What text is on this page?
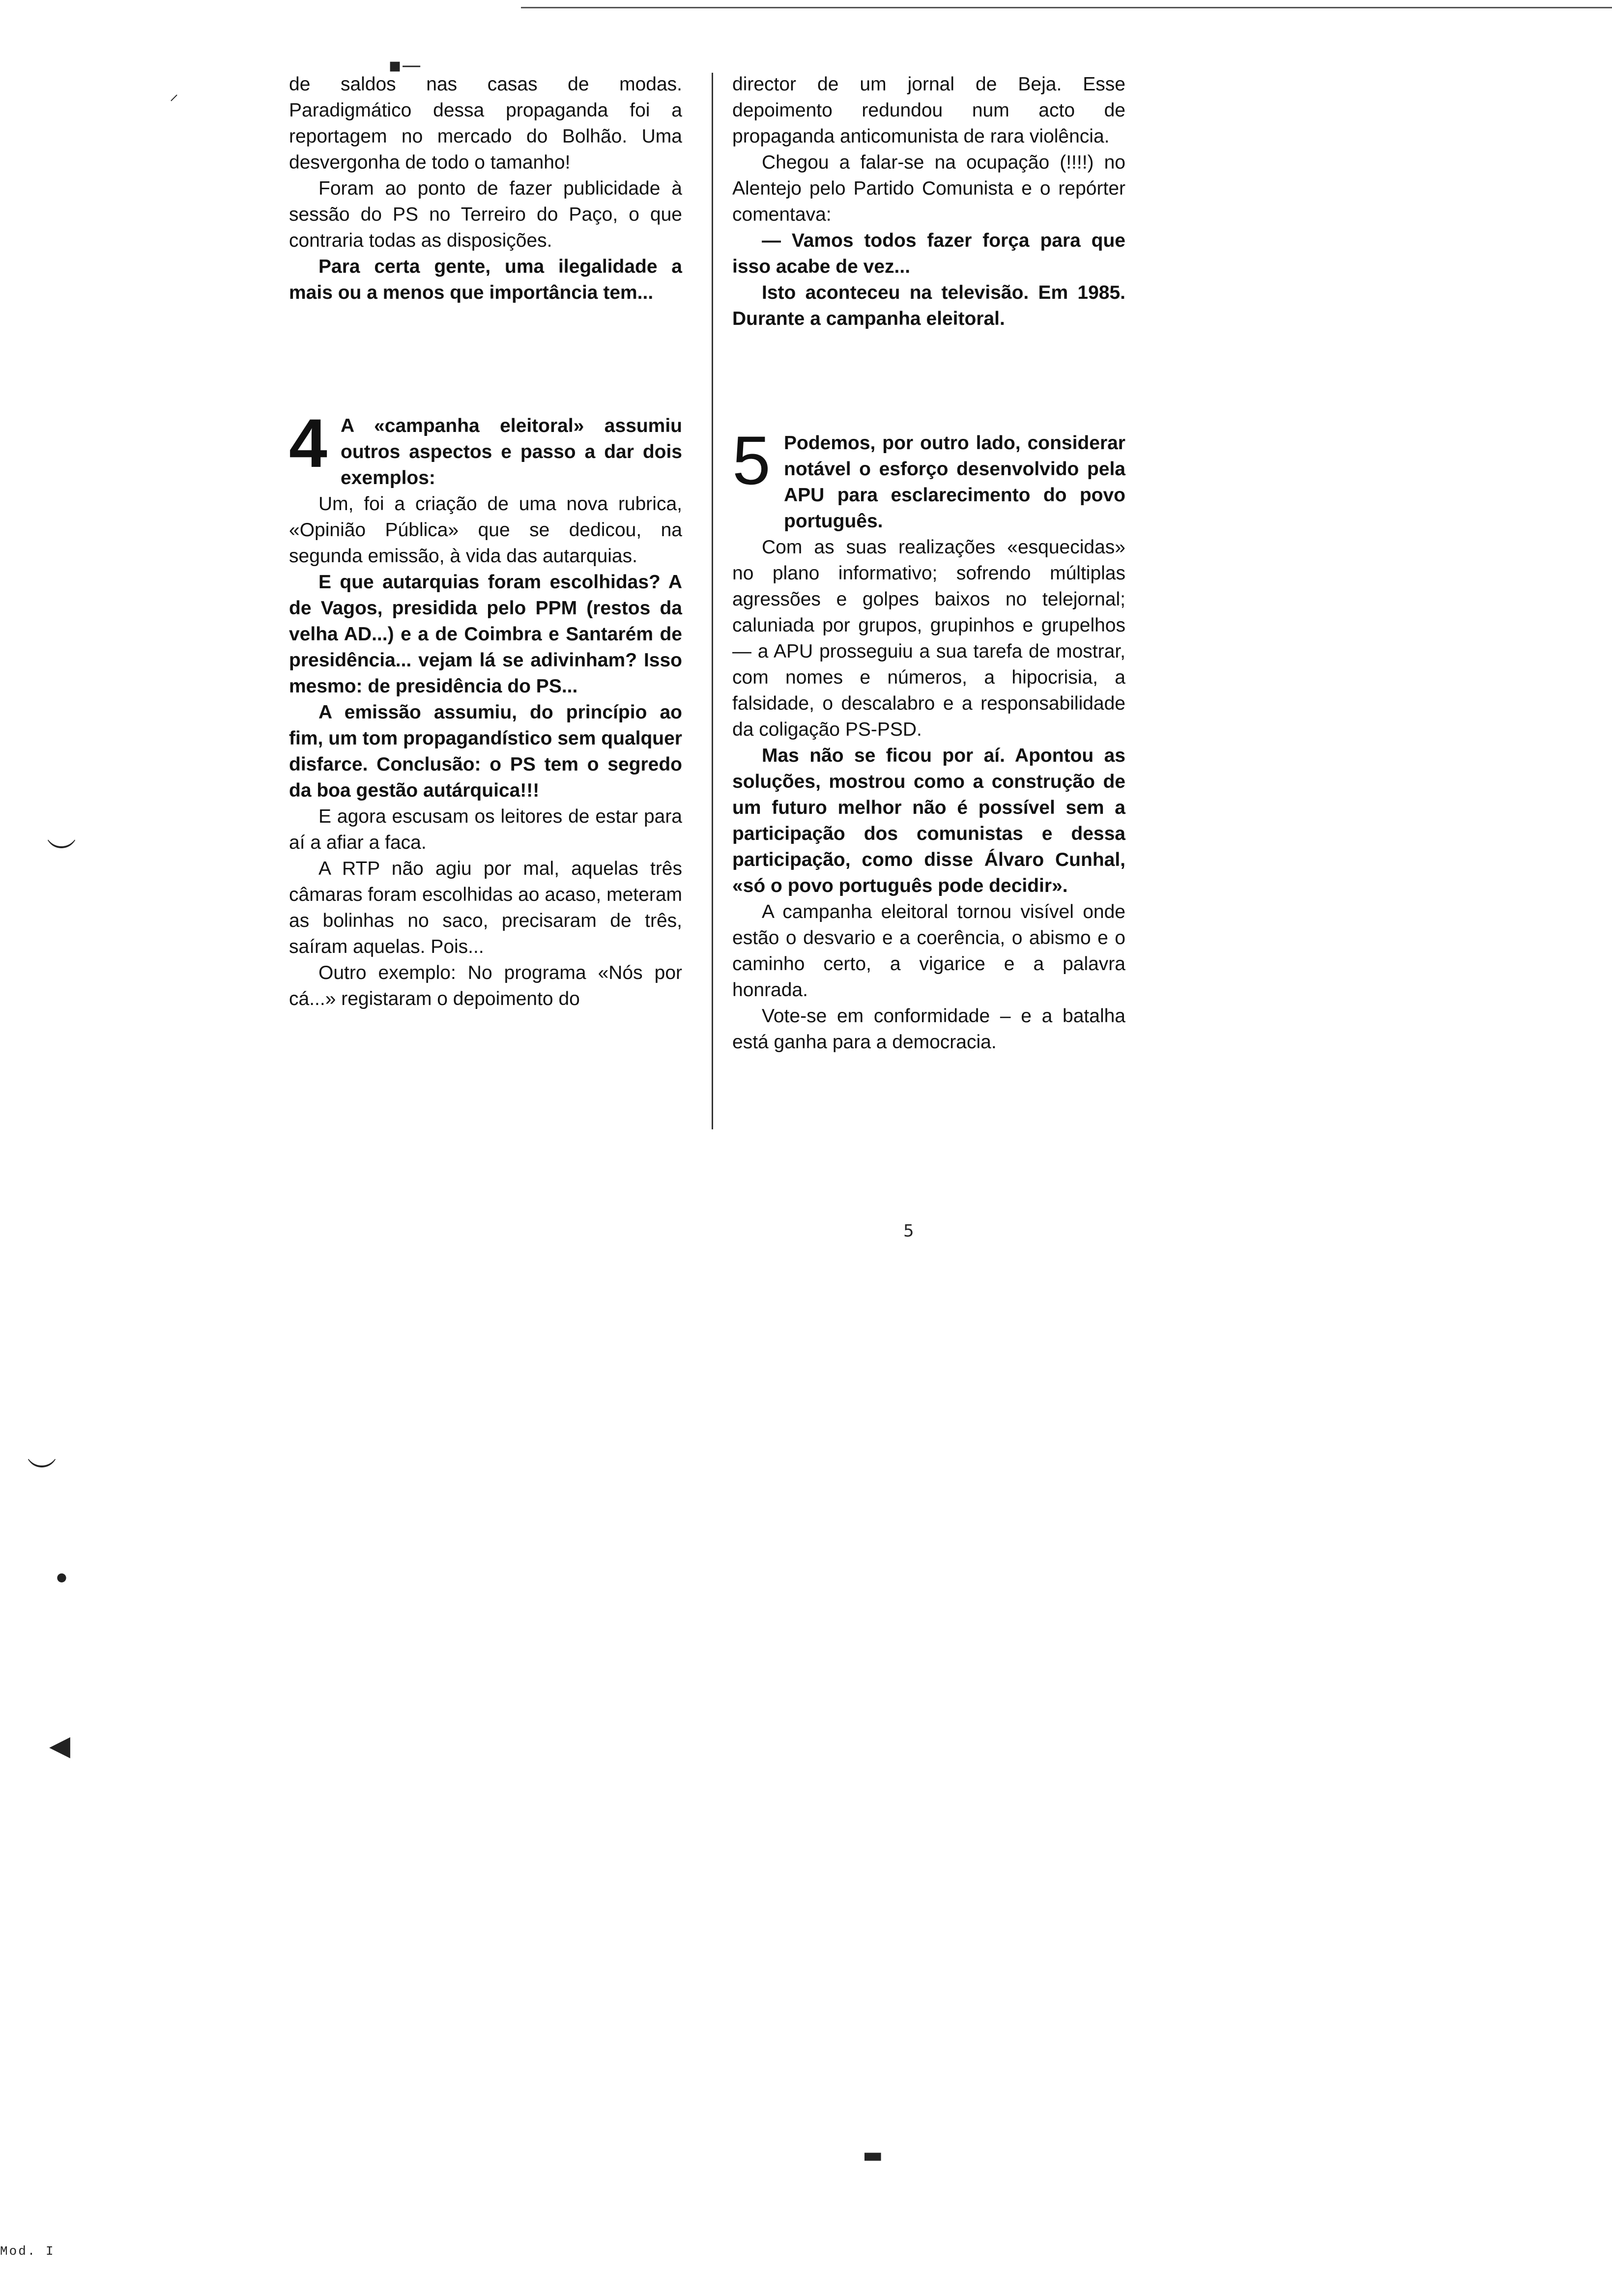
▪—
⸝
︶
︶
●
◀
▬
5

de saldos nas casas de modas. Paradigmático dessa propaganda foi a reportagem no mercado do Bolhão. Uma desvergonha de todo o tamanho!

Foram ao ponto de fazer publicidade à sessão do PS no Terreiro do Paço, o que contraria todas as disposições.

Para certa gente, uma ilegalidade a mais ou a menos que importância tem...

director de um jornal de Beja. Esse depoimento redundou num acto de propaganda anticomunista de rara violência.

Chegou a falar-se na ocupação (!!!!) no Alentejo pelo Partido Comunista e o repórter comentava:

— Vamos todos fazer força para que isso acabe de vez...

Isto aconteceu na televisão. Em 1985. Durante a campanha eleitoral.

4 A «campanha eleitoral» assumiu outros aspectos e passo a dar dois exemplos:

Um, foi a criação de uma nova rubrica, «Opinião Pública» que se dedicou, na segunda emissão, à vida das autarquias.

E que autarquias foram escolhidas? A de Vagos, presidida pelo PPM (restos da velha AD...) e a de Coimbra e Santarém de presidência... vejam lá se adivinham? Isso mesmo: de presidência do PS...

A emissão assumiu, do princípio ao fim, um tom propagandístico sem qualquer disfarce. Conclusão: o PS tem o segredo da boa gestão autárquica!!!

E agora escusam os leitores de estar para aí a afiar a faca.

A RTP não agiu por mal, aquelas três câmaras foram escolhidas ao acaso, meteram as bolinhas no saco, precisaram de três, saíram aquelas. Pois...

Outro exemplo: No programa «Nós por cá...» registaram o depoimento do

5 Podemos, por outro lado, considerar notável o esforço desenvolvido pela APU para esclarecimento do povo português.

Com as suas realizações «esquecidas» no plano informativo; sofrendo múltiplas agressões e golpes baixos no telejornal; caluniada por grupos, grupinhos e grupelhos — a APU prosseguiu a sua tarefa de mostrar, com nomes e números, a hipocrisia, a falsidade, o descalabro e a responsabilidade da coligação PS-PSD.

Mas não se ficou por aí. Apontou as soluções, mostrou como a construção de um futuro melhor não é possível sem a participação dos comunistas e dessa participação, como disse Álvaro Cunhal, «só o povo português pode decidir».

A campanha eleitoral tornou visível onde estão o desvario e a coerência, o abismo e o caminho certo, a vigarice e a palavra honrada.

Vote-se em conformidade – e a batalha está ganha para a democracia.

Mod. I
